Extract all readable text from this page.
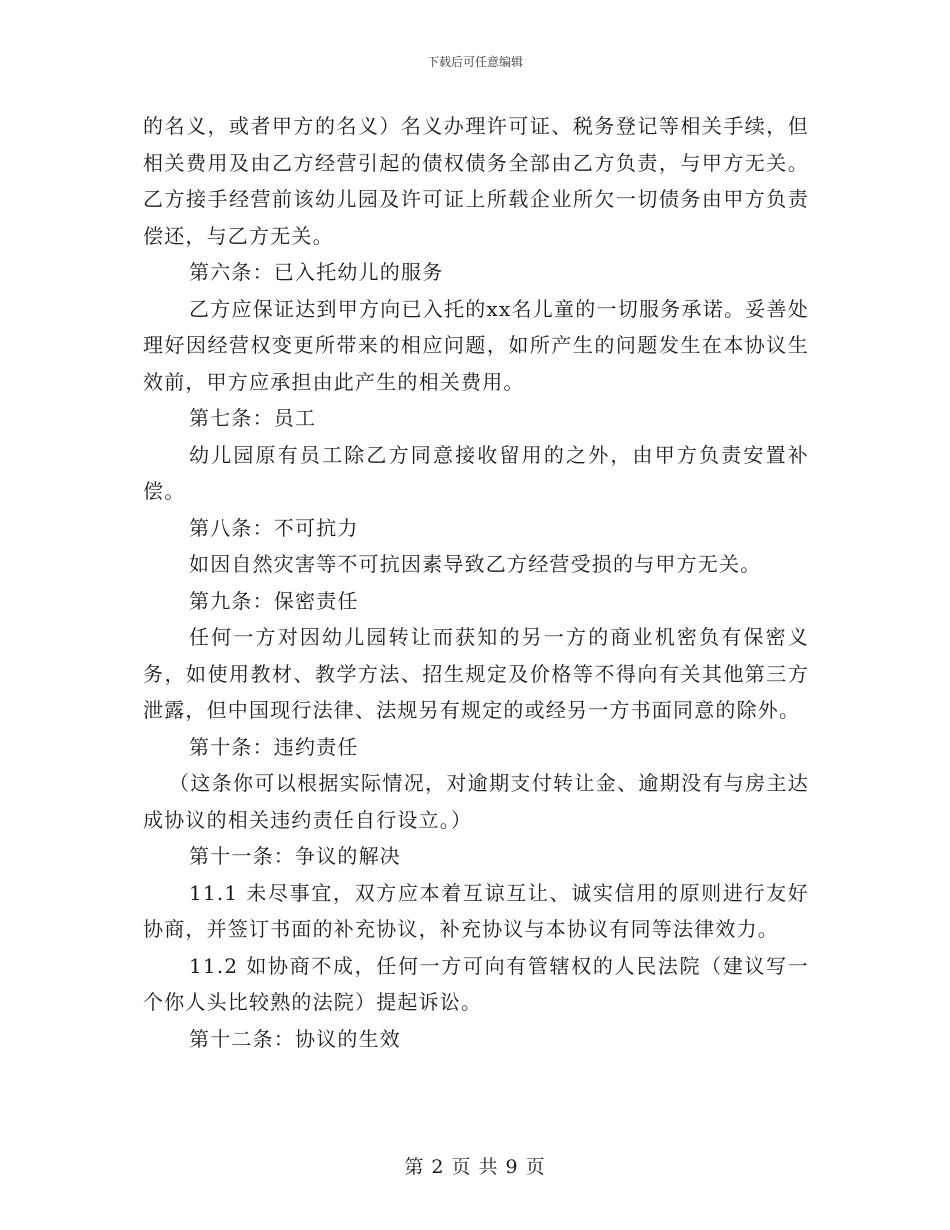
下载后可任意编辑

的名义，或者甲方的名义）名义办理许可证、税务登记等相关手续，但相关费用及由乙方经营引起的债权债务全部由乙方负责，与甲方无关。乙方接手经营前该幼儿园及许可证上所载企业所欠一切债务由甲方负责偿还，与乙方无关。

第六条：已入托幼儿的服务

乙方应保证达到甲方向已入托的xx名儿童的一切服务承诺。妥善处理好因经营权变更所带来的相应问题，如所产生的问题发生在本协议生效前，甲方应承担由此产生的相关费用。

第七条：员工

幼儿园原有员工除乙方同意接收留用的之外，由甲方负责安置补偿。

第八条：不可抗力

如因自然灾害等不可抗因素导致乙方经营受损的与甲方无关。

第九条：保密责任

任何一方对因幼儿园转让而获知的另一方的商业机密负有保密义务，如使用教材、教学方法、招生规定及价格等不得向有关其他第三方泄露，但中国现行法律、法规另有规定的或经另一方书面同意的除外。

第十条：违约责任

（这条你可以根据实际情况，对逾期支付转让金、逾期没有与房主达成协议的相关违约责任自行设立。）

第十一条：争议的解决

11.1 未尽事宜，双方应本着互谅互让、诚实信用的原则进行友好协商，并签订书面的补充协议，补充协议与本协议有同等法律效力。

11.2 如协商不成，任何一方可向有管辖权的人民法院（建议写一个你人头比较熟的法院）提起诉讼。

第十二条：协议的生效

第 2 页 共 9 页
